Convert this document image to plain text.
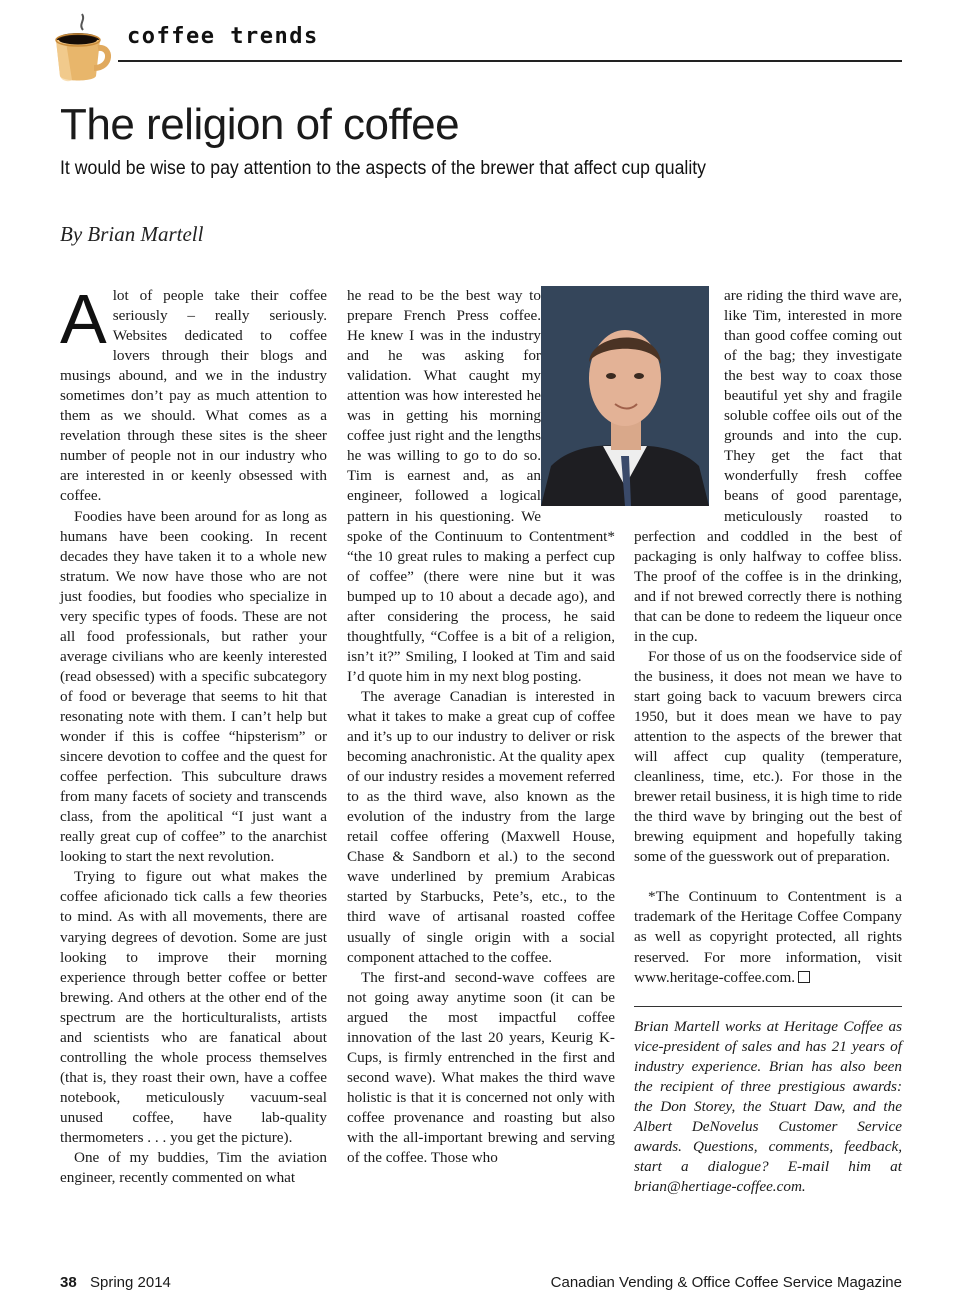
coffee trends
The religion of coffee
It would be wise to pay attention to the aspects of the brewer that affect cup quality
By Brian Martell

Alot of people take their coffee seriously – really seriously. Websites dedicated to coffee lovers through their blogs and musings abound, and we in the industry sometimes don’t pay as much attention to them as we should. What comes as a revelation through these sites is the sheer number of people not in our industry who are interested in or keenly obsessed with coffee.

Foodies have been around for as long as humans have been cooking. In recent decades they have taken it to a whole new stratum. We now have those who are not just foodies, but foodies who specialize in very specific types of foods. These are not all food professionals, but rather your average civilians who are keenly interested (read obsessed) with a specific subcategory of food or beverage that seems to hit that resonating note with them. I can’t help but wonder if this is coffee “hipsterism” or sincere devotion to coffee and the quest for coffee perfection. This subculture draws from many facets of society and transcends class, from the apolitical “I just want a really great cup of coffee” to the anarchist looking to start the next revolution.

Trying to figure out what makes the coffee aficionado tick calls a few theories to mind. As with all movements, there are varying degrees of devotion. Some are just looking to improve their morning experience through better coffee or better brewing. And others at the other end of the spectrum are the horticulturalists, artists and scientists who are fanatical about controlling the whole process themselves (that is, they roast their own, have a coffee notebook, meticulously vacuum-seal unused coffee, have lab-quality thermometers . . . you get the picture).

One of my buddies, Tim the aviation engineer, recently commented on what

he read to be the best way to prepare French Press coffee. He knew I was in the industry and he was asking for validation. What caught my attention was how interested he was in getting his morning coffee just right and the lengths he was willing to go to do so. Tim is earnest and, as an engineer, followed a logical pattern in his questioning. We spoke of the Continuum to Contentment* “the 10 great rules to making a perfect cup of coffee” (there were nine but it was bumped up to 10 about a decade ago), and after considering the process, he said thoughtfully, “Coffee is a bit of a religion, isn’t it?” Smiling, I looked at Tim and said I’d quote him in my next blog posting.

The average Canadian is interested in what it takes to make a great cup of coffee and it’s up to our industry to deliver or risk becoming anachronistic. At the quality apex of our industry resides a movement referred to as the third wave, also known as the evolution of the industry from the large retail coffee offering (Maxwell House, Chase & Sandborn et al.) to the second wave underlined by premium Arabicas started by Starbucks, Pete’s, etc., to the third wave of artisanal roasted coffee usually of single origin with a social component attached to the coffee.

The first-and second-wave coffees are not going away anytime soon (it can be argued the most impactful coffee innovation of the last 20 years, Keurig K-Cups, is firmly entrenched in the first and second wave). What makes the third wave holistic is that it is concerned not only with coffee provenance and roasting but also with the all-important brewing and serving of the coffee. Those who

are riding the third wave are, like Tim, interested in more than good coffee coming out of the bag; they investigate the best way to coax those beautiful yet shy and fragile soluble coffee oils out of the grounds and into the cup. They get the fact that wonderfully fresh coffee beans of good parentage, meticulously roasted to perfection and coddled in the best of packaging is only halfway to coffee bliss. The proof of the coffee is in the drinking, and if not brewed correctly there is nothing that can be done to redeem the liqueur once in the cup.

For those of us on the foodservice side of the business, it does not mean we have to start going back to vacuum brewers circa 1950, but it does mean we have to pay attention to the aspects of the brewer that will affect cup quality (temperature, cleanliness, time, etc.). For those in the brewer retail business, it is high time to ride the third wave by bringing out the best of brewing equipment and hopefully taking some of the guesswork out of preparation.

*The Continuum to Contentment is a trademark of the Heritage Coffee Company as well as copyright protected, all rights reserved. For more information, visit www.heritage-coffee.com.

Brian Martell works at Heritage Coffee as vice-president of sales and has 21 years of industry experience. Brian has also been the recipient of three prestigious awards: the Don Storey, the Stuart Daw, and the Albert DeNovelus Customer Service awards. Questions, comments, feedback, start a dialogue? E-mail him at brian@hertiage-coffee.com.

38 Spring 2014	Canadian Vending & Office Coffee Service Magazine
